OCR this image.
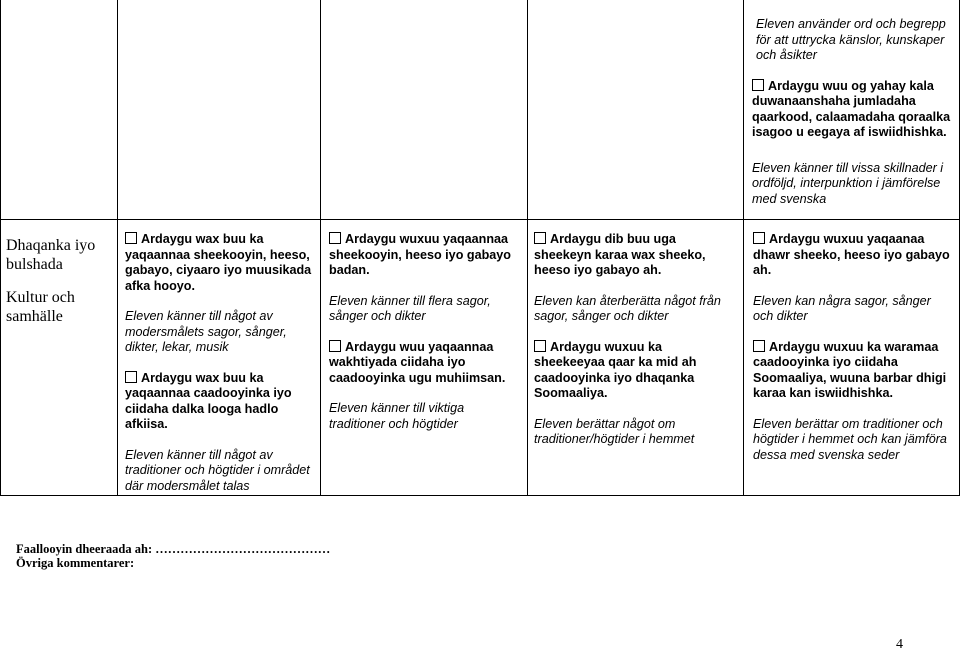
Eleven använder ord och begrepp för att uttrycka känslor, kunskaper och åsikter

Ardaygu wuu og yahay kala duwanaanshaha jumladaha qaarkood, calaamadaha qoraalka isagoo u eegaya af iswiidhishka.

Eleven känner till vissa skillnader i ordföljd, interpunktion i jämförelse med svenska

Dhaqanka iyo bulshada

Kultur och samhälle

Ardaygu wax buu ka yaqaannaa sheekooyin, heeso, gabayo, ciyaaro iyo muusikada afka hooyo.

Eleven känner till något av modersmålets sagor, sånger, dikter, lekar, musik

Ardaygu wax buu ka yaqaannaa caadooyinka iyo ciidaha dalka looga hadlo afkiisa.

Eleven känner till något av traditioner och högtider i området där modersmålet talas

Ardaygu wuxuu yaqaannaa sheekooyin, heeso iyo gabayo badan.

Eleven känner till flera sagor, sånger och dikter

Ardaygu wuu yaqaannaa wakhtiyada ciidaha iyo caadooyinka ugu muhiimsan.

Eleven känner till viktiga traditioner och högtider

Ardaygu dib buu uga sheekeyn karaa wax sheeko, heeso iyo gabayo ah.

Eleven kan återberätta något från sagor, sånger och dikter

Ardaygu wuxuu ka sheekeeyaa qaar ka mid ah caadooyinka iyo dhaqanka Soomaaliya.

Eleven berättar något om traditioner/högtider i hemmet

Ardaygu wuxuu yaqaanaa dhawr sheeko, heeso iyo gabayo ah.

Eleven kan några sagor, sånger och dikter

Ardaygu wuxuu ka waramaa caadooyinka iyo ciidaha Soomaaliya, wuuna barbar dhigi karaa kan iswiidhishka.

Eleven berättar om traditioner och högtider i hemmet och kan jämföra dessa med svenska seder

Faallooyin dheeraada ah: ……………………………………
Övriga kommentarer:
4
